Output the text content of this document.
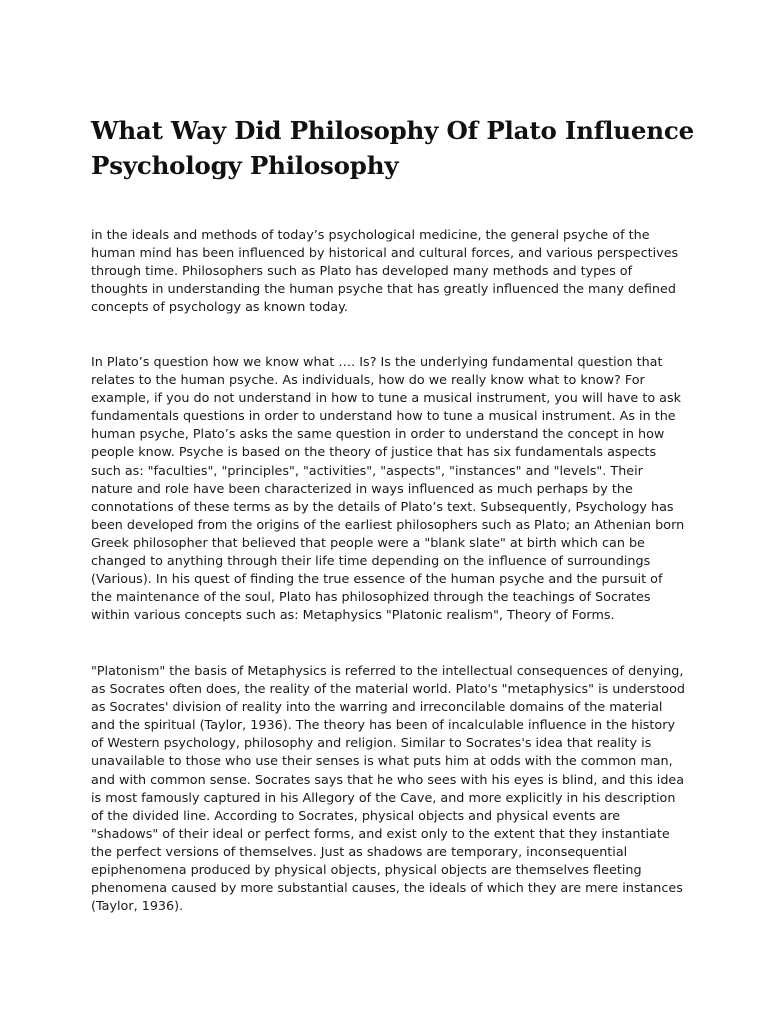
What Way Did Philosophy Of Plato Influence Psychology Philosophy

in the ideals and methods of today’s psychological medicine, the general psyche of the human mind has been influenced by historical and cultural forces, and various perspectives through time. Philosophers such as Plato has developed many methods and types of thoughts in understanding the human psyche that has greatly influenced the many defined concepts of psychology as known today.

In Plato’s question how we know what …. Is? Is the underlying fundamental question that relates to the human psyche. As individuals, how do we really know what to know? For example, if you do not understand in how to tune a musical instrument, you will have to ask fundamentals questions in order to understand how to tune a musical instrument. As in the human psyche, Plato’s asks the same question in order to understand the concept in how people know. Psyche is based on the theory of justice that has six fundamentals aspects such as: "faculties", "principles", "activities", "aspects", "instances" and "levels". Their nature and role have been characterized in ways influenced as much perhaps by the connotations of these terms as by the details of Plato’s text. Subsequently, Psychology has been developed from the origins of the earliest philosophers such as Plato; an Athenian born Greek philosopher that believed that people were a "blank slate" at birth which can be changed to anything through their life time depending on the influence of surroundings (Various). In his quest of finding the true essence of the human psyche and the pursuit of the maintenance of the soul, Plato has philosophized through the teachings of Socrates within various concepts such as: Metaphysics "Platonic realism", Theory of Forms.

"Platonism" the basis of Metaphysics is referred to the intellectual consequences of denying, as Socrates often does, the reality of the material world. Plato's "metaphysics" is understood as Socrates' division of reality into the warring and irreconcilable domains of the material and the spiritual (Taylor, 1936). The theory has been of incalculable influence in the history of Western psychology, philosophy and religion. Similar to Socrates's idea that reality is unavailable to those who use their senses is what puts him at odds with the common man, and with common sense. Socrates says that he who sees with his eyes is blind, and this idea is most famously captured in his Allegory of the Cave, and more explicitly in his description of the divided line. According to Socrates, physical objects and physical events are "shadows" of their ideal or perfect forms, and exist only to the extent that they instantiate the perfect versions of themselves. Just as shadows are temporary, inconsequential epiphenomena produced by physical objects, physical objects are themselves fleeting phenomena caused by more substantial causes, the ideals of which they are mere instances (Taylor, 1936).
